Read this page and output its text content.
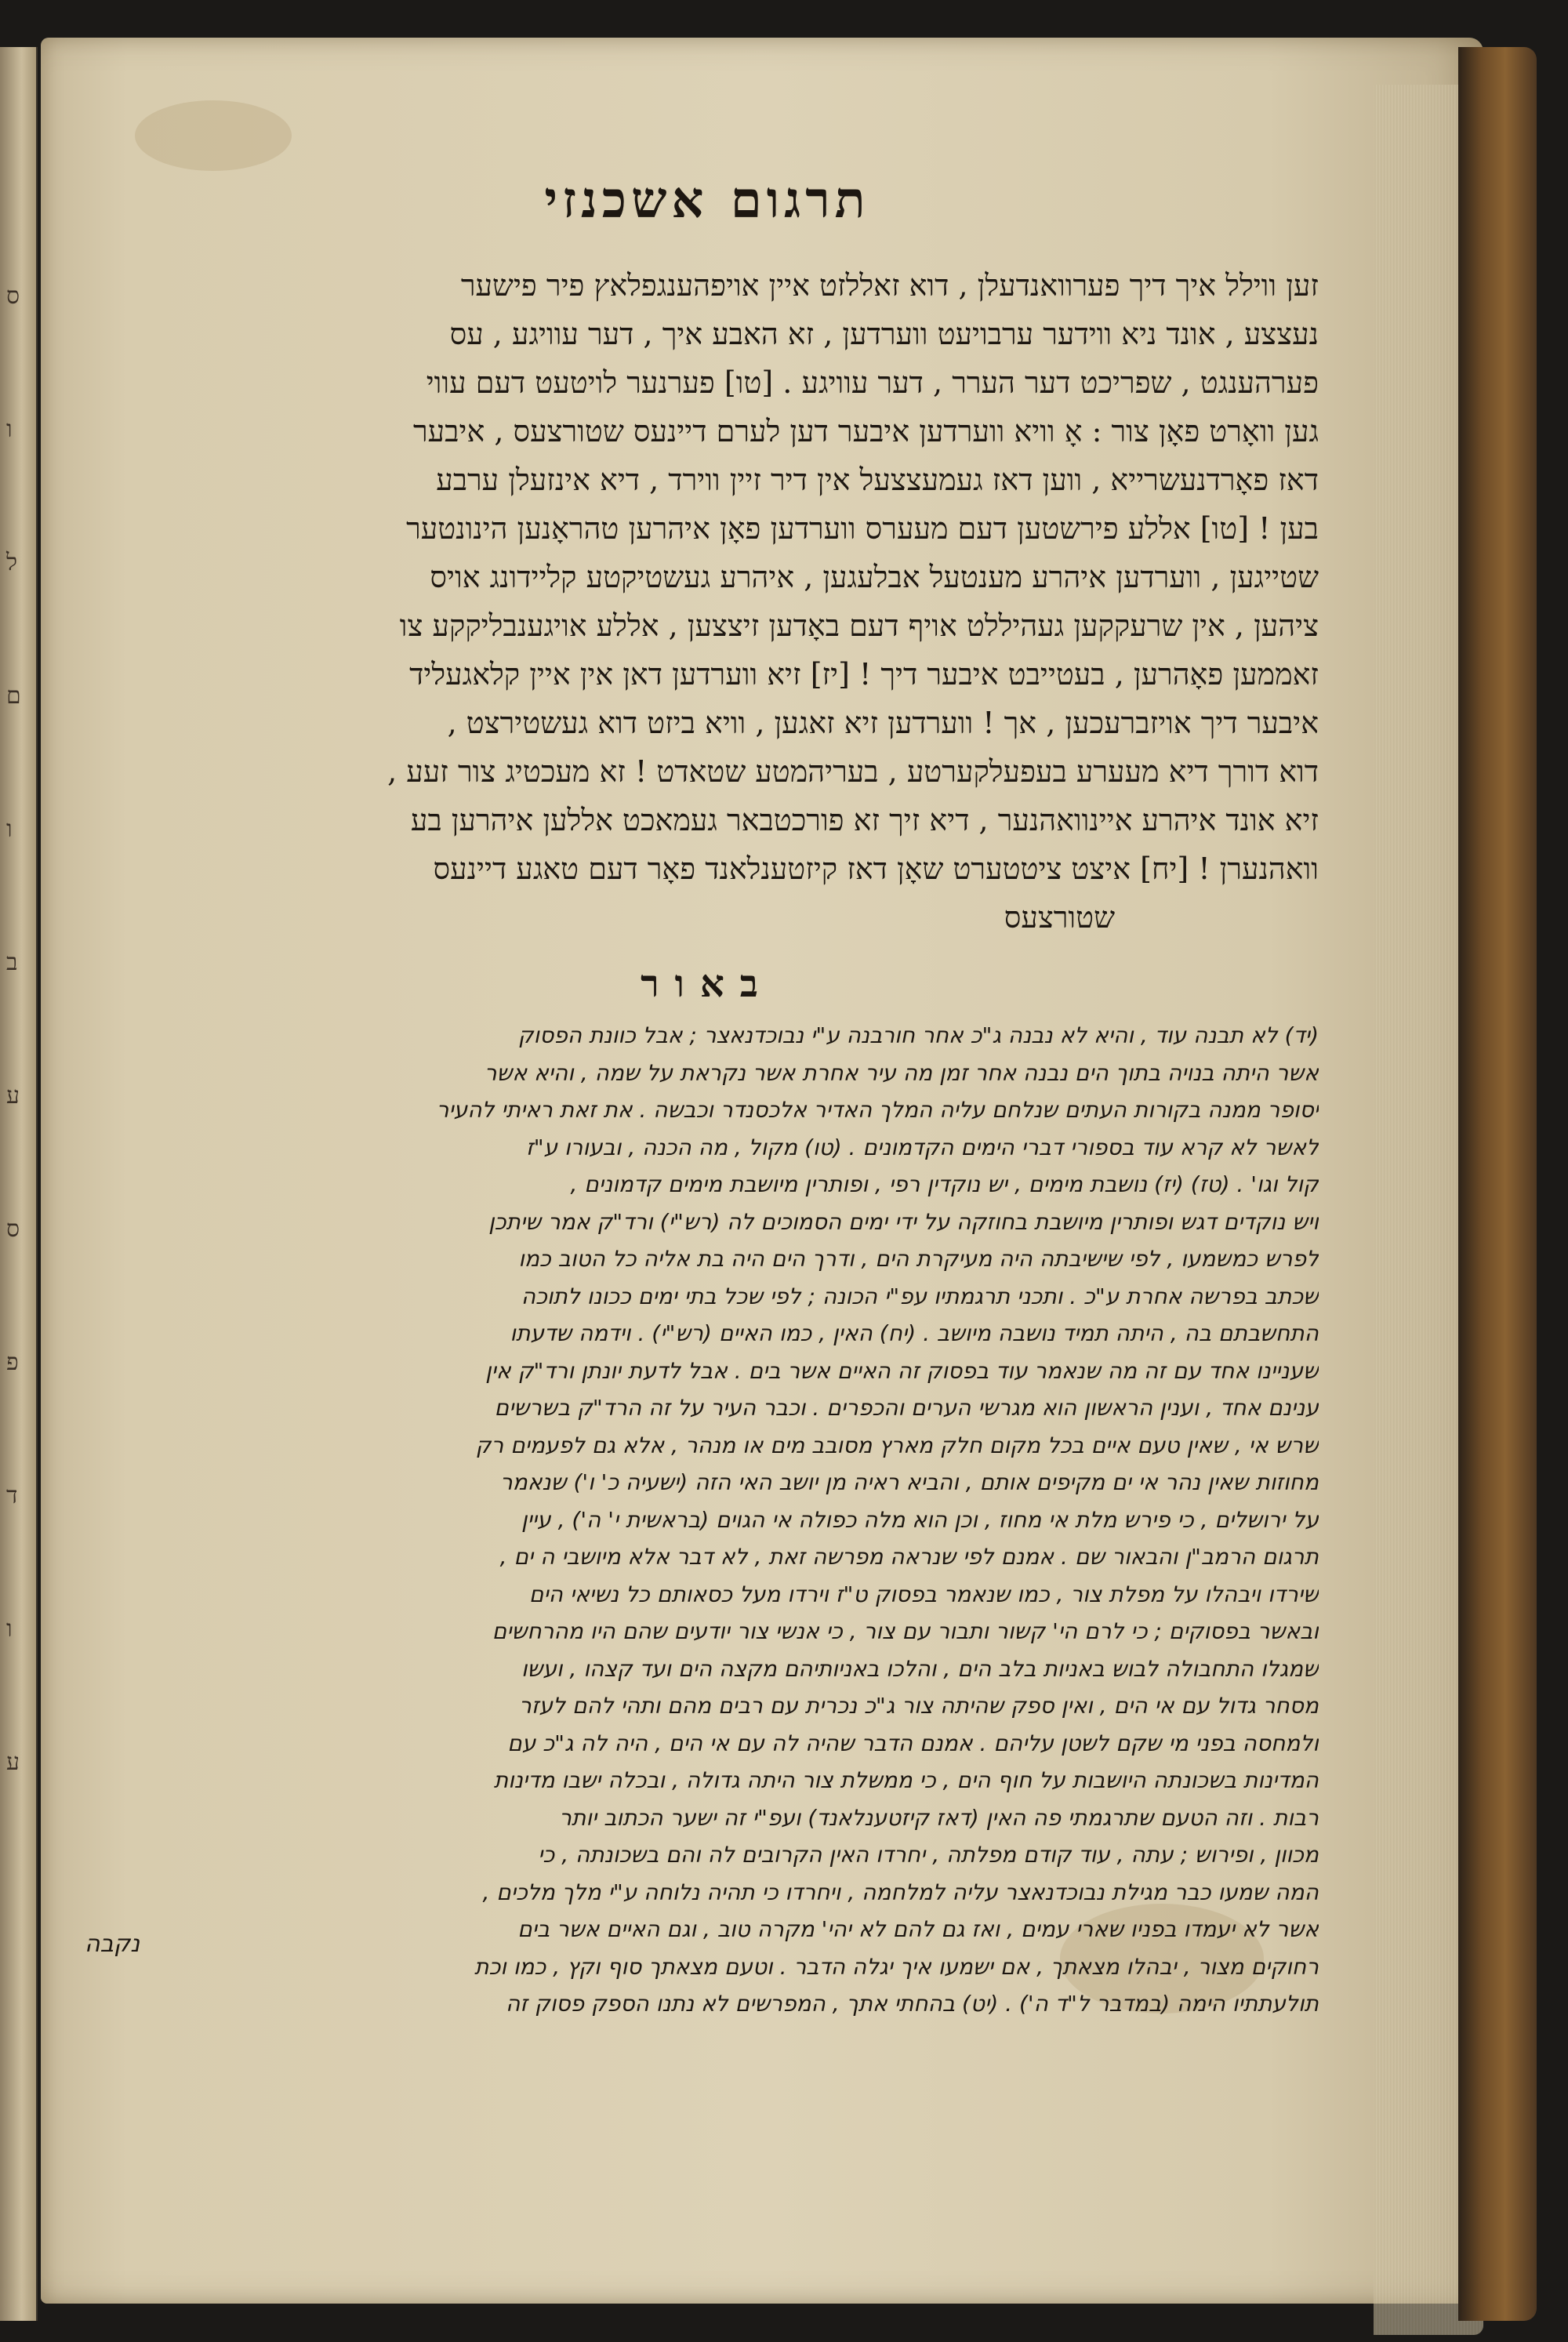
ס
ו
ל
ם
ו
ב
ע
ס
פ
ד
ו
ע
תרגום אשכנזי
זען ווילל איך דיך פערוואנדעלן , דוא זאללזט איין אויפהענגפלאץ פיר פישער
נעצצע , אונד ניא ווידער ערבויעט ווערדען , זא האבע איך , דער עוויגע , עס
פערהענגט , שפריכט דער הערר , דער עוויגע . [טו] פערנער לויטעט דעם עווי
גען וואָרט פאָן צור : אָ וויא ווערדען איבער דען לערם דיינעס שטורצעס , איבער
דאז פאָרדנעשרייא , ווען דאז געמעצצעל אין דיר זיין ווירד , דיא אינזעלן ערבע
בען ! [טו] אללע פירשטען דעם מעערס ווערדען פאָן איהרען טהראָנען הינונטער
שטייגען , ווערדען איהרע מענטעל אבלעגען , איהרע געשטיקטע קליידונג אויס
ציהען , אין שרעקקען געהיללט אויף דעם באָדען זיצצען , אללע אויגענבליקקע צו
זאממען פאָהרען , בעטייבט איבער דיך ! [יז] זיא ווערדען דאן אין איין קלאגעליד
איבער דיך אויזברעכען , אך ! ווערדען זיא זאגען , וויא ביזט דוא געשטירצט ,
דוא דורך דיא מעערע בעפעלקערטע , בעריהמטע שטאדט ! זא מעכטיג צור זעע ,
זיא אונד איהרע איינוואהנער , דיא זיך זא פורכטבאר געמאכט אללען איהרען בע
וואהנערן ! [יח] איצט ציטטערט שאָן דאז קיזטענלאנד פאָר דעם טאגע דיינעס
שטורצעס
באור
(יד) לא תבנה עוד , והיא לא נבנה ג"כ אחר חורבנה ע"י נבוכדנאצר ; אבל כוונת הפסוק
אשר היתה בנויה בתוך הים נבנה אחר זמן מה עיר אחרת אשר נקראת על שמה , והיא אשר
יסופר ממנה בקורות העתים שנלחם עליה המלך האדיר אלכסנדר וכבשה . את זאת ראיתי להעיר
לאשר לא קרא עוד בספורי דברי הימים הקדמונים . (טו) מקול , מה הכנה , ובעורו ע"ז
קול וגו' . (טז) (יז) נושבת מימים , יש נוקדין רפי , ופותרין מיושבת מימים קדמונים ,
ויש נוקדים דגש ופותרין מיושבת בחוזקה על ידי ימים הסמוכים לה (רש"י) ורד"ק אמר שיתכן
לפרש כמשמעו , לפי שישיבתה היה מעיקרת הים , ודרך הים היה בת אליה כל הטוב כמו
שכתב בפרשה אחרת ע"כ . ותכני תרגמתיו עפ"י הכונה ; לפי שכל בתי ימים ככונו לתוכה
התחשבתם בה , היתה תמיד נושבה מיושב . (יח) האין , כמו האיים (רש"י) . וידמה שדעתו
שעניינו אחד עם זה מה שנאמר עוד בפסוק זה האיים אשר בים . אבל לדעת יונתן ורד"ק אין
ענינם אחד , וענין הראשון הוא מגרשי הערים והכפרים . וכבר העיר על זה הרד"ק בשרשים
שרש אי , שאין טעם איים בכל מקום חלק מארץ מסובב מים או מנהר , אלא גם לפעמים רק
מחוזות שאין נהר אי ים מקיפים אותם , והביא ראיה מן יושב האי הזה (ישעיה כ' ו') שנאמר
על ירושלים , כי פירש מלת אי מחוז , וכן הוא מלה כפולה אי הגוים (בראשית י' ה') , עיין
תרגום הרמב"ן והבאור שם . אמנם לפי שנראה מפרשה זאת , לא דבר אלא מיושבי ה ים ,
שירדו ויבהלו על מפלת צור , כמו שנאמר בפסוק ט"ז וירדו מעל כסאותם כל נשיאי הים
ובאשר בפסוקים ; כי לרם הי' קשור ותבור עם צור , כי אנשי צור יודעים שהם היו מהרחשים
שמגלו התחבולה לבוש באניות בלב הים , והלכו באניותיהם מקצה הים ועד קצהו , ועשו
מסחר גדול עם אי הים , ואין ספק שהיתה צור ג"כ נכרית עם רבים מהם ותהי להם לעזר
ולמחסה בפני מי שקם לשטן עליהם . אמנם הדבר שהיה לה עם אי הים , היה לה ג"כ עם
המדינות בשכונתה היושבות על חוף הים , כי ממשלת צור היתה גדולה , ובכלה ישבו מדינות
רבות . וזה הטעם שתרגמתי פה האין (דאז קיזטענלאנד) ועפ"י זה ישער הכתוב יותר
מכוון , ופירוש ; עתה , עוד קודם מפלתה , יחרדו האין הקרובים לה והם בשכונתה , כי
המה שמעו כבר מגילת נבוכדנאצר עליה למלחמה , ויחרדו כי תהיה נלוחה ע"י מלך מלכים ,
אשר לא יעמדו בפניו שארי עמים , ואז גם להם לא יהי' מקרה טוב , וגם האיים אשר בים
רחוקים מצור , יבהלו מצאתך , אם ישמעו איך יגלה הדבר . וטעם מצאתך סוף וקץ , כמו וכת
תולעתתיו הימה (במדבר ל"ד ה') . (יט) בהחתי אתך , המפרשים לא נתנו הספק פסוק זה
נקבה
